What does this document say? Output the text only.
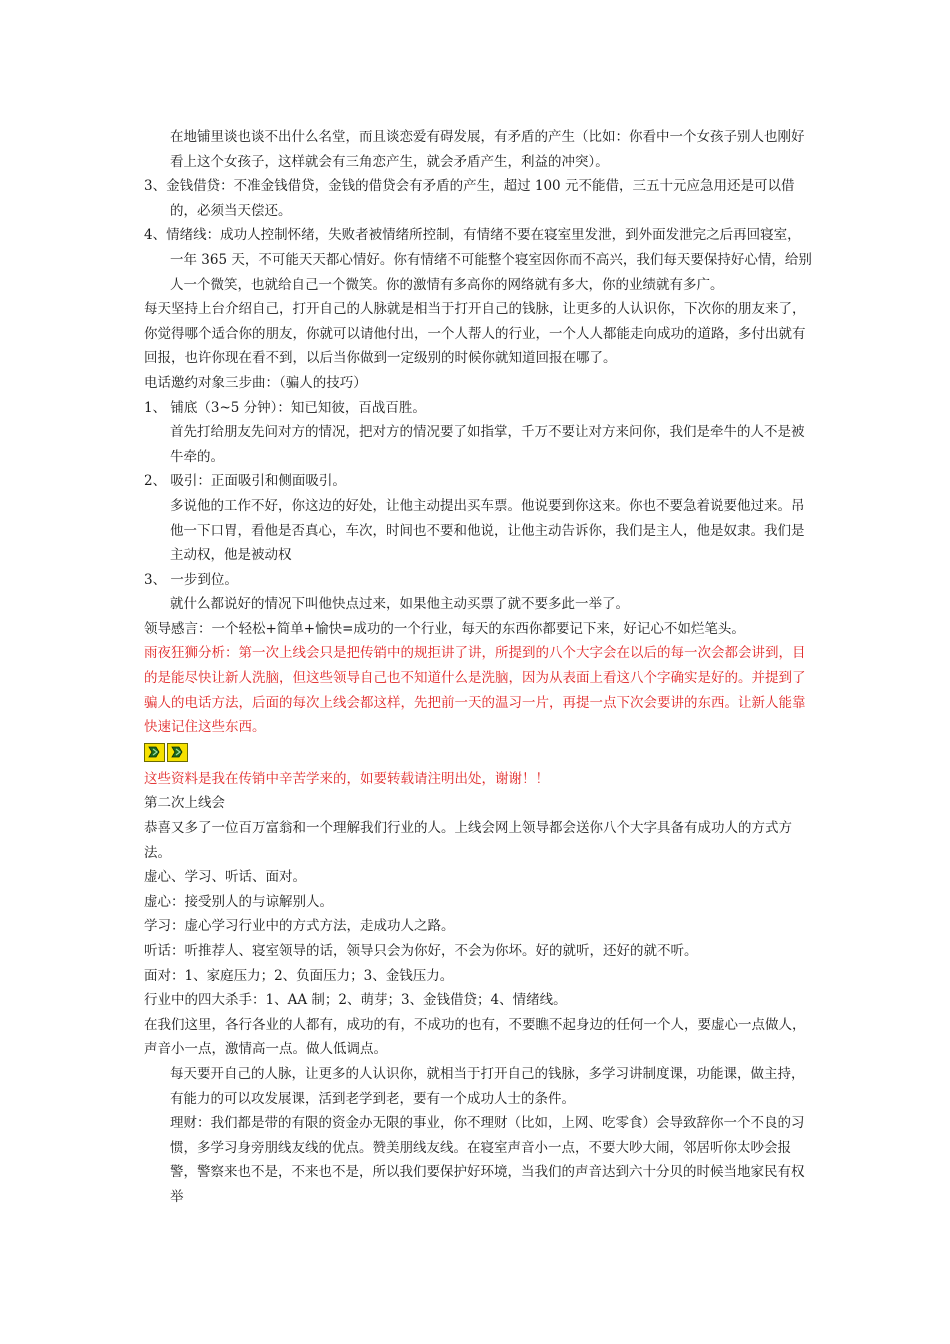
在地铺里谈也谈不出什么名堂，而且谈恋爱有碍发展，有矛盾的产生（比如：你看中一个女孩子别人也刚好看上这个女孩子，这样就会有三角恋产生，就会矛盾产生，利益的冲突）。

3、金钱借贷：不准金钱借贷，金钱的借贷会有矛盾的产生，超过 100 元不能借，三五十元应急用还是可以借的，必须当天偿还。

4、情绪线：成功人控制怀绪，失败者被情绪所控制，有情绪不要在寝室里发泄，到外面发泄完之后再回寝室，一年 365 天，不可能天天都心情好。你有情绪不可能整个寝室因你而不高兴，我们每天要保持好心情，给别人一个微笑，也就给自己一个微笑。你的激情有多高你的网络就有多大，你的业绩就有多广。

每天坚持上台介绍自己，打开自己的人脉就是相当于打开自己的钱脉，让更多的人认识你，下次你的朋友来了，你觉得哪个适合你的朋友，你就可以请他付出，一个人帮人的行业，一个人人都能走向成功的道路，多付出就有回报，也许你现在看不到，以后当你做到一定级别的时候你就知道回报在哪了。

电话邀约对象三步曲：（骗人的技巧）

1、 铺底（3~5 分钟）：知已知彼，百战百胜。

首先打给朋友先问对方的情况，把对方的情况要了如指掌，千万不要让对方来问你，我们是牵牛的人不是被牛牵的。

2、 吸引：正面吸引和侧面吸引。

多说他的工作不好，你这边的好处，让他主动提出买车票。他说要到你这来。你也不要急着说要他过来。吊他一下口胃，看他是否真心，车次，时间也不要和他说，让他主动告诉你，我们是主人，他是奴隶。我们是主动权，他是被动权

3、 一步到位。

就什么都说好的情况下叫他快点过来，如果他主动买票了就不要多此一举了。

领导感言：一个轻松+简单+愉快=成功的一个行业，每天的东西你都要记下来，好记心不如烂笔头。

雨夜狂狮分析：第一次上线会只是把传销中的规拒讲了讲，所提到的八个大字会在以后的每一次会都会讲到，目的是能尽快让新人洗脑，但这些领导自己也不知道什么是洗脑，因为从表面上看这八个字确实是好的。并提到了骗人的电话方法，后面的每次上线会都这样，先把前一天的温习一片，再提一点下次会要讲的东西。让新人能靠快速记住这些东西。

这些资料是我在传销中辛苦学来的，如要转载请注明出处，谢谢！！

第二次上线会

恭喜又多了一位百万富翁和一个理解我们行业的人。上线会网上领导都会送你八个大字具备有成功人的方式方法。

虚心、学习、听话、面对。

虚心：接受别人的与谅解别人。

学习：虚心学习行业中的方式方法，走成功人之路。

听话：听推荐人、寝室领导的话，领导只会为你好，不会为你坏。好的就听，还好的就不听。

面对：1、家庭压力；2、负面压力；3、金钱压力。

行业中的四大杀手：1、AA 制；2、萌芽；3、金钱借贷；4、情绪线。

在我们这里，各行各业的人都有，成功的有，不成功的也有，不要瞧不起身边的任何一个人，要虚心一点做人，声音小一点，激情高一点。做人低调点。

每天要开自己的人脉，让更多的人认识你，就相当于打开自己的钱脉，多学习讲制度课，功能课，做主持，有能力的可以攻发展课，活到老学到老，要有一个成功人士的条件。

理财：我们都是带的有限的资金办无限的事业，你不理财（比如，上网、吃零食）会导致辞你一个不良的习惯，多学习身旁朋线友线的优点。赞美朋线友线。在寝室声音小一点，不要大吵大闹，邻居听你太吵会报警，警察来也不是，不来也不是，所以我们要保护好环境，当我们的声音达到六十分贝的时候当地家民有权举
